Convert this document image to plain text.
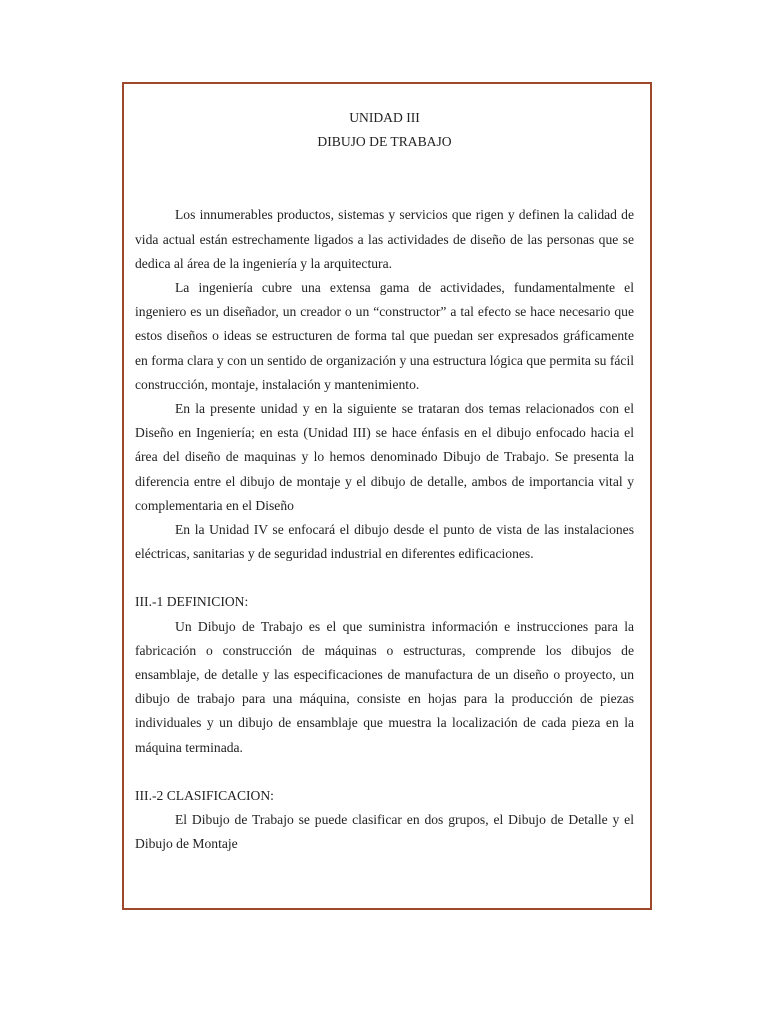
UNIDAD III
DIBUJO DE TRABAJO

Los innumerables productos, sistemas y servicios que rigen y definen la calidad de vida actual están estrechamente ligados a las actividades de diseño de las personas que se dedica al área de la ingeniería y la arquitectura.

La ingeniería cubre una extensa gama de actividades, fundamentalmente el ingeniero es un diseñador, un creador o un “constructor” a tal efecto se hace necesario que estos diseños o ideas se estructuren de forma tal que puedan ser expresados gráficamente en forma clara y con un sentido de organización y una estructura lógica que permita su fácil construcción, montaje, instalación y mantenimiento.

En la presente unidad y en la siguiente se trataran dos temas relacionados con el Diseño en Ingeniería; en esta (Unidad III) se hace énfasis en el dibujo enfocado hacia el área del diseño de maquinas y lo hemos denominado Dibujo de Trabajo. Se presenta la diferencia entre el dibujo de montaje y el dibujo de detalle, ambos de importancia vital y complementaria en el Diseño

En la Unidad IV se enfocará el dibujo desde el punto de vista de las instalaciones eléctricas, sanitarias y de seguridad industrial en diferentes edificaciones.

III.-1 DEFINICION:

Un Dibujo de Trabajo es el que suministra información e instrucciones para la fabricación o construcción de máquinas o estructuras, comprende los dibujos de ensamblaje, de detalle y las especificaciones de manufactura de un diseño o proyecto, un dibujo de trabajo para una máquina, consiste en hojas para la producción de piezas individuales y un dibujo de ensamblaje que muestra la localización de cada pieza en la máquina terminada.

III.-2 CLASIFICACION:

El Dibujo de Trabajo se puede clasificar en dos grupos, el Dibujo de Detalle y el Dibujo de Montaje
